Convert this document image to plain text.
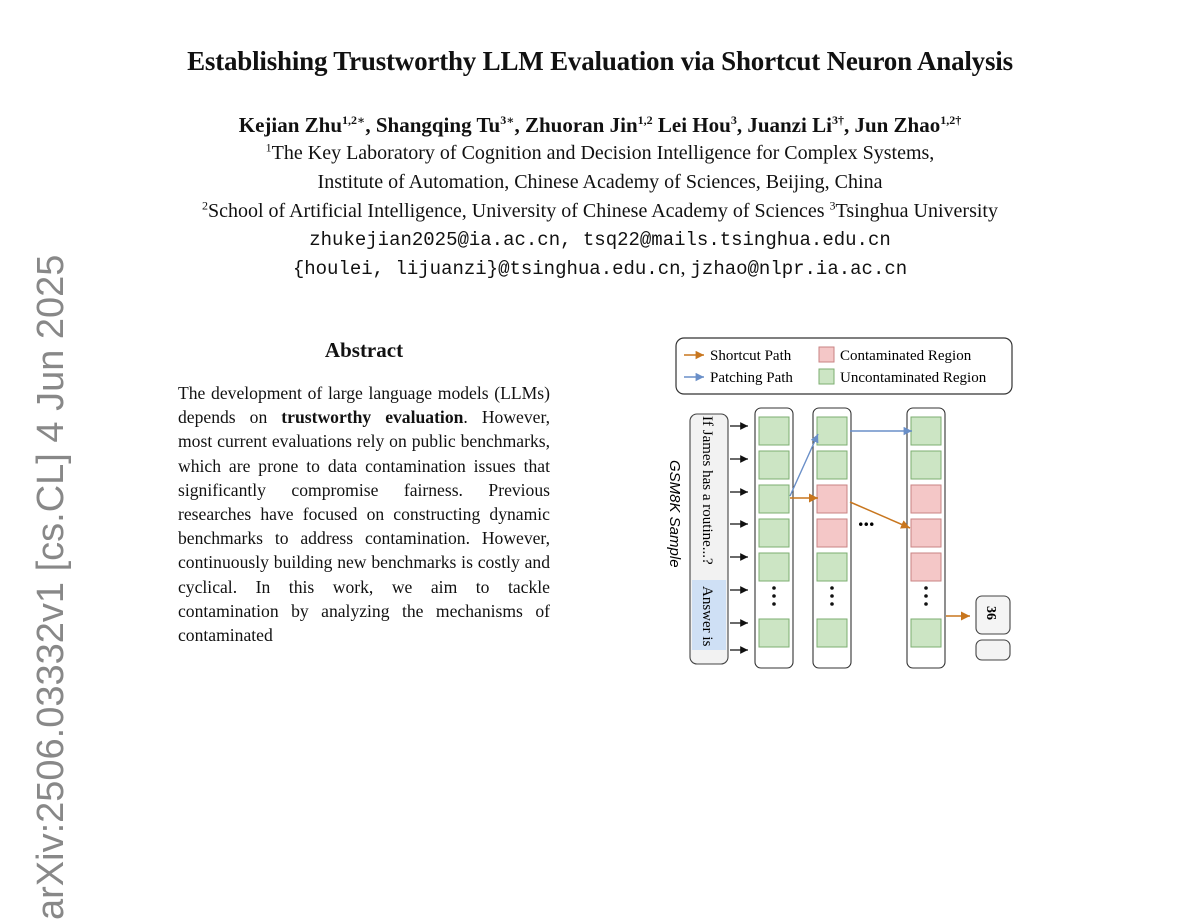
Establishing Trustworthy LLM Evaluation via Shortcut Neuron Analysis
Kejian Zhu$^{1,2∗}$, Shangqing $Tu^{3∗}$, Zhuoran Jin$^{1,2}$ Lei Hou$^3$, Juanzi $Li^{3\dagger}$, Jun Zhao$^{1,2\dagger}$
$^1$The Key Laboratory of Cognition and Decision Intelligence for Complex Systems,
Institute of Automation, Chinese Academy of Sciences, Beijing, China
$^2$School of Artificial Intelligence, University of Chinese Academy of Sciences $^3$Tsinghua University
zhukejian2025@ia.ac.cn, tsq22@mails.tsinghua.edu.cn
{houlei, lijuanzi}@tsinghua.edu.cn, jzhao@nlpr.ia.ac.cn
Abstract
The development of large language models (LLMs) depends on trustworthy evaluation. However, most current evaluations rely on public benchmarks, which are prone to data contamination issues that significantly compromise fairness. Previous researches have focused on constructing dynamic benchmarks to address contamination. However, continuously building new benchmarks is costly and cyclical. In this work, we aim to tackle contamination by analyzing the mechanisms of contaminated
arXiv:2506.03332v1 [cs.CL] 4 Jun 2025	Shortcut Path
Patching Path
Contaminated Region
Uncontaminated Region
GSM8K Sample If James has a routine...?
Answer is
...
36
